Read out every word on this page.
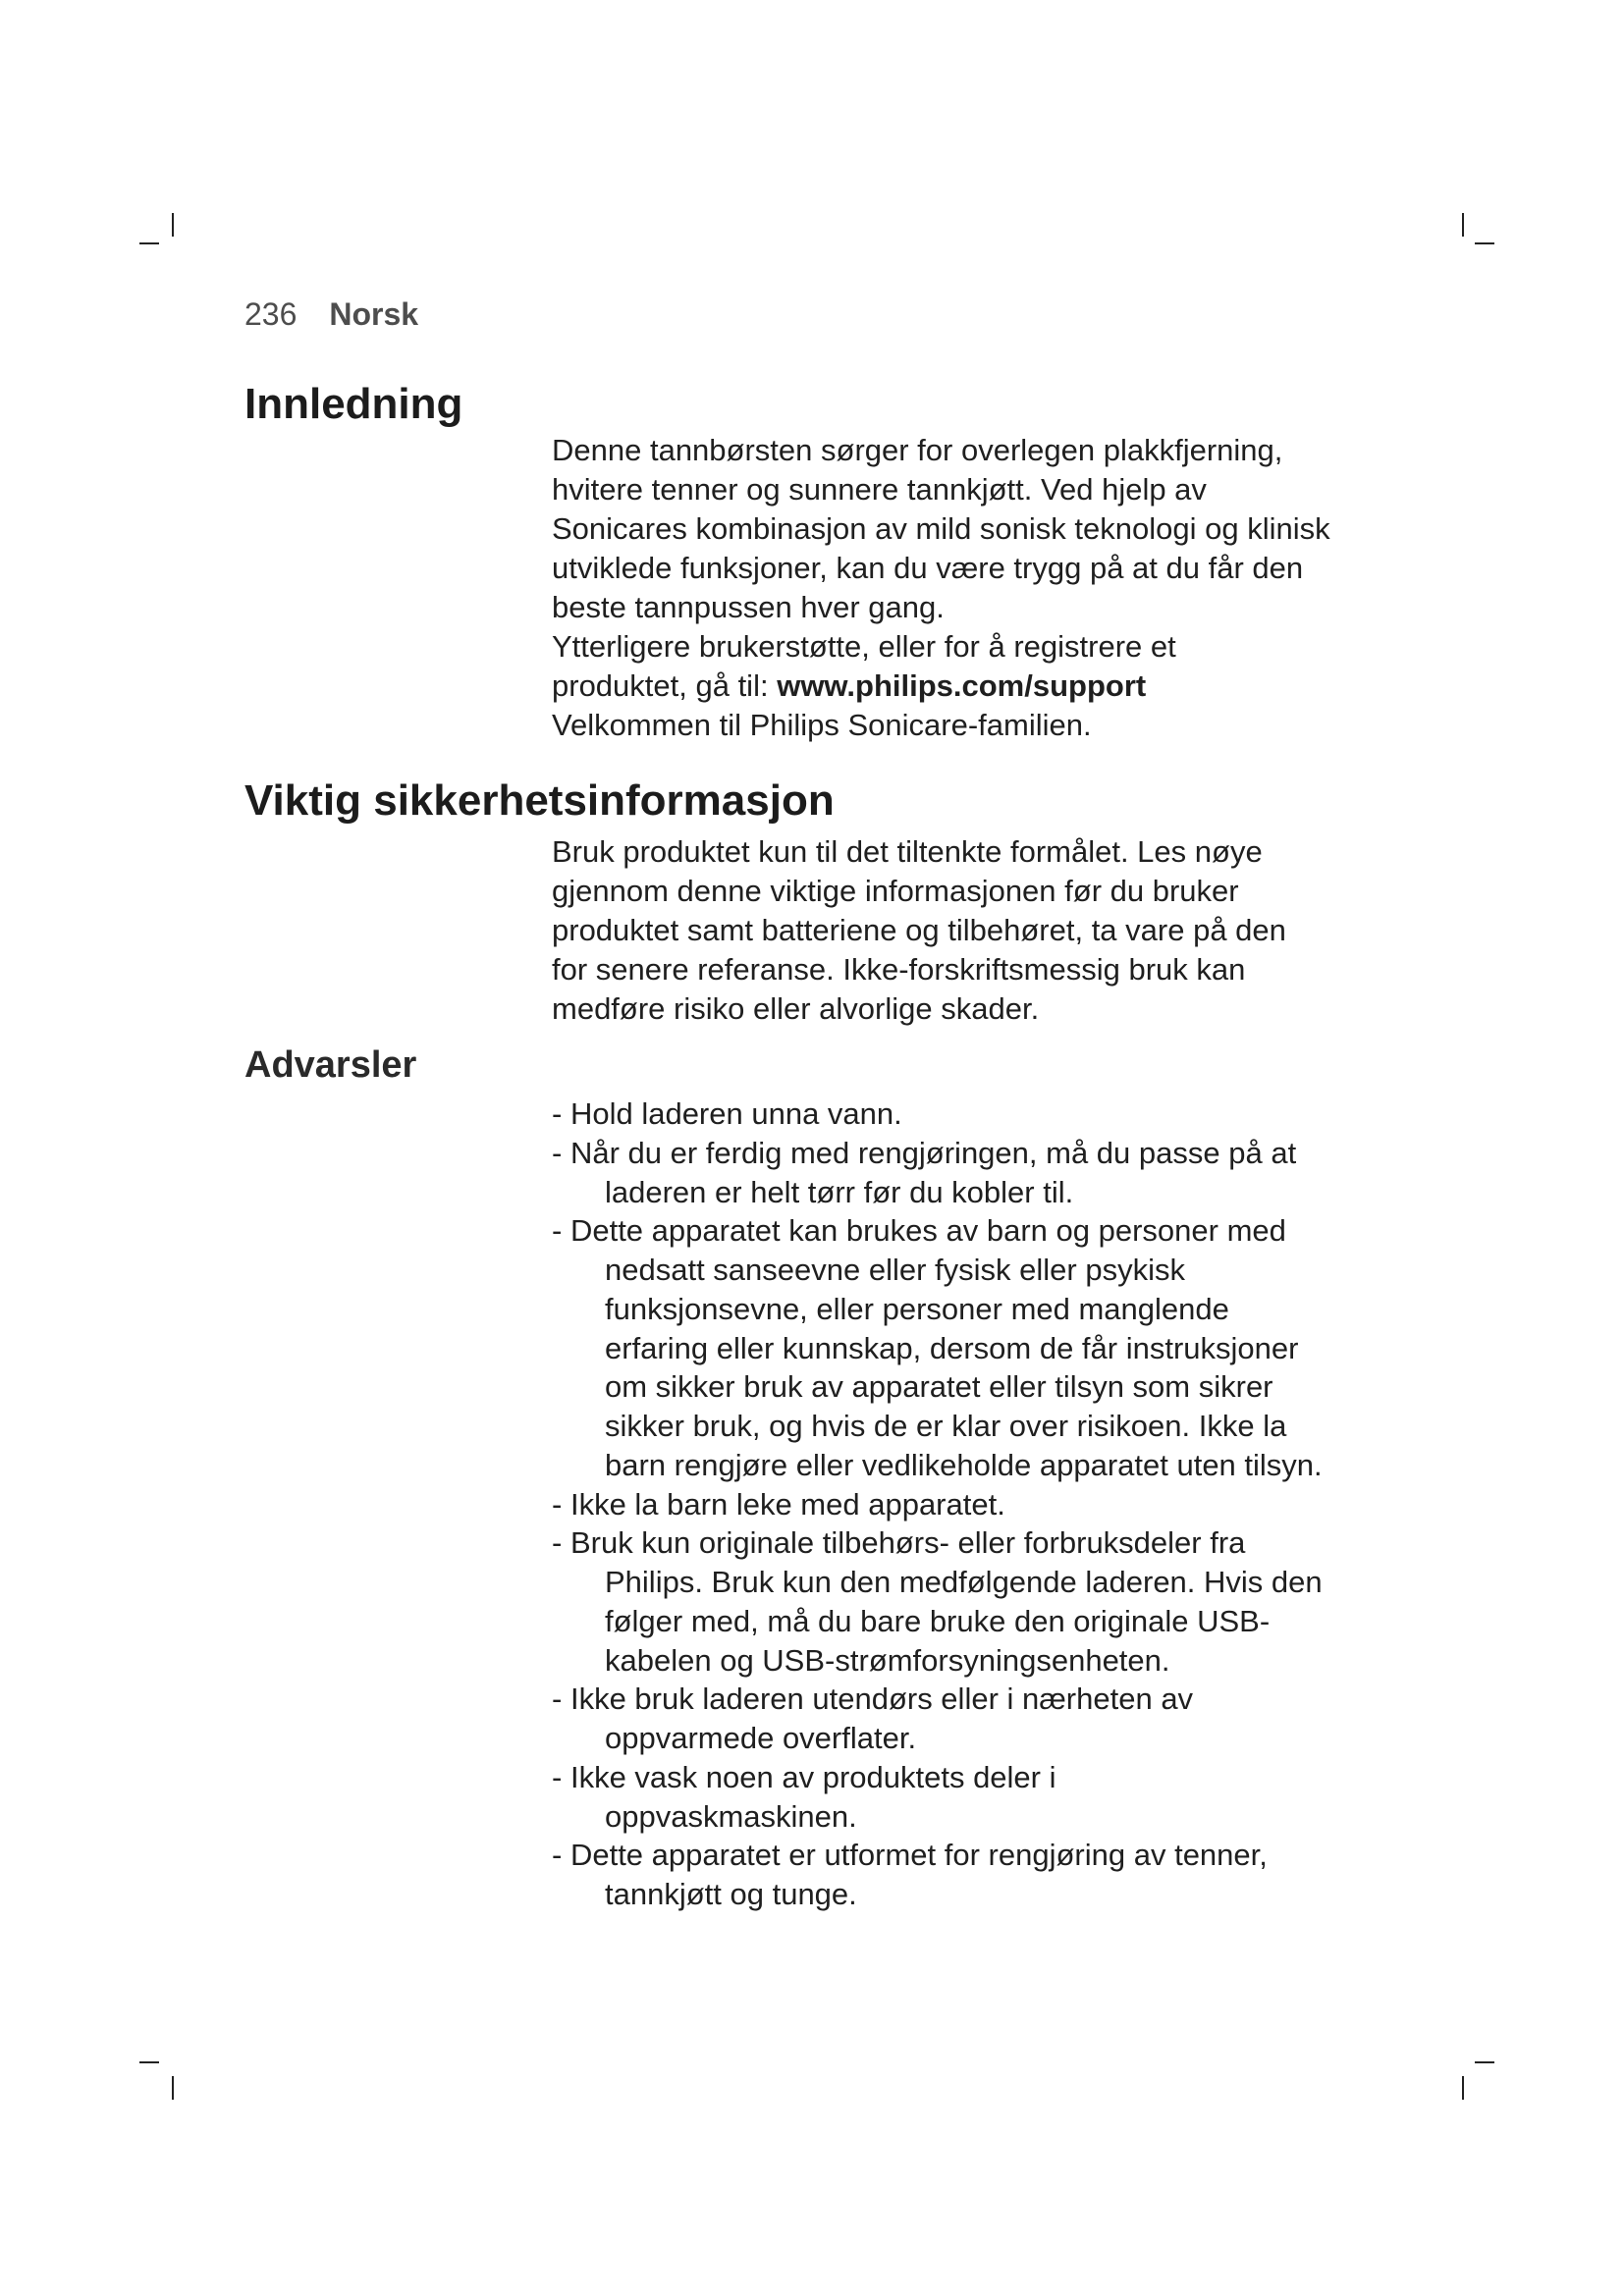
236 Norsk
Innledning
Denne tannbørsten sørger for overlegen plakkfjerning,
hvitere tenner og sunnere tannkjøtt. Ved hjelp av
Sonicares kombinasjon av mild sonisk teknologi og klinisk
utviklede funksjoner, kan du være trygg på at du får den
beste tannpussen hver gang.
Ytterligere brukerstøtte, eller for å registrere et
produktet, gå til: www.philips.com/support
Velkommen til Philips Sonicare-familien.
Viktig sikkerhetsinformasjon
Bruk produktet kun til det tiltenkte formålet. Les nøye
gjennom denne viktige informasjonen før du bruker
produktet samt batteriene og tilbehøret, ta vare på den
for senere referanse. Ikke-forskriftsmessig bruk kan
medføre risiko eller alvorlige skader.
Advarsler
- Hold laderen unna vann.
- Når du er ferdig med rengjøringen, må du passe på at
laderen er helt tørr før du kobler til.
- Dette apparatet kan brukes av barn og personer med
nedsatt sanseevne eller fysisk eller psykisk
funksjonsevne, eller personer med manglende
erfaring eller kunnskap, dersom de får instruksjoner
om sikker bruk av apparatet eller tilsyn som sikrer
sikker bruk, og hvis de er klar over risikoen. Ikke la
barn rengjøre eller vedlikeholde apparatet uten tilsyn.
- Ikke la barn leke med apparatet.
- Bruk kun originale tilbehørs- eller forbruksdeler fra
Philips. Bruk kun den medfølgende laderen. Hvis den
følger med, må du bare bruke den originale USB-
kabelen og USB-strømforsyningsenheten.
- Ikke bruk laderen utendørs eller i nærheten av
oppvarmede overflater.
- Ikke vask noen av produktets deler i
oppvaskmaskinen.
- Dette apparatet er utformet for rengjøring av tenner,
tannkjøtt og tunge.
